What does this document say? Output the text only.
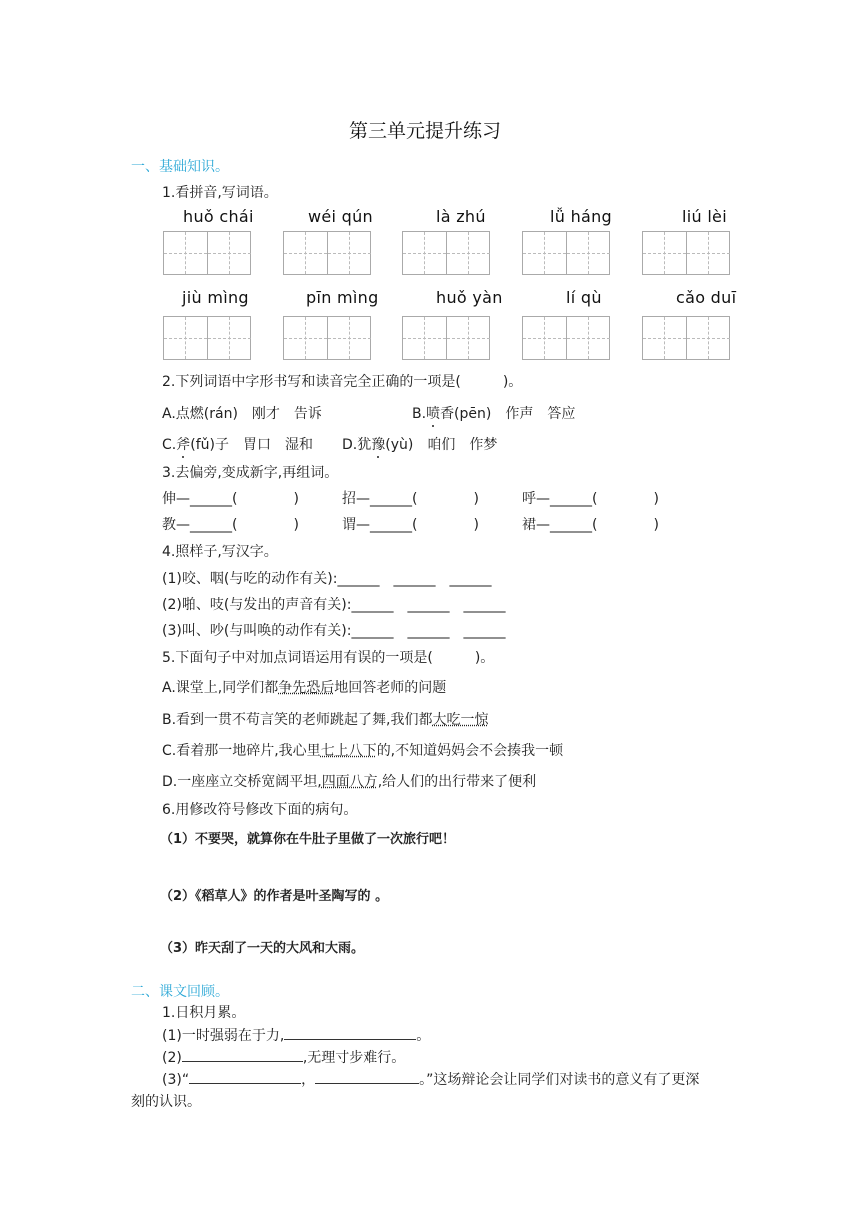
第三单元提升练习
一、基础知识。
1.看拼音,写词语。
huǒ chái	wéi qún	là zhú	lǚ háng	liú lèi
jiù mìng	pīn mìng	huǒ yàn	lí qù	cǎo duī
2.下列词语中字形书写和读音完全正确的一项是(　　　)。
A.点燃(rán)　刚才　告诉	B.喷香(pēn)　作声　答应
C.斧(fǔ)子　胃口　湿和 D.犹豫(yù)　咱们　作梦
3.去偏旁,变成新字,再组词。
伸—______(　　　　)	招—______(　　　　)	呼—______(　　　　)
教—______(　　　　)	谓—______(　　　　)	裙—______(　　　　)
4.照样子,写汉字。
(1)咬、咽(与吃的动作有关):______　______　______
(2)啪、吱(与发出的声音有关):______　______　______
(3)叫、吵(与叫唤的动作有关):______　______　______
5.下面句子中对加点词语运用有误的一项是(　　　)。
A.课堂上,同学们都争先恐后地回答老师的问题
B.看到一贯不苟言笑的老师跳起了舞,我们都大吃一惊
C.看着那一地碎片,我心里七上八下的,不知道妈妈会不会揍我一顿
D.一座座立交桥宽阔平坦,四面八方,给人们的出行带来了便利
6.用修改符号修改下面的病句。
（1）不要哭，就算你在牛肚子里做了一次旅行吧！
（2）《稻草人》的作者是叶圣陶写的 。
（3）昨天刮了一天的大风和大雨。
二、课文回顾。
1.日积月累。
(1)一时强弱在于力,	。
(2)	,无理寸步难行。
(3)“	，	。”这场辩论会让同学们对读书的意义有了更深
刻的认识。
